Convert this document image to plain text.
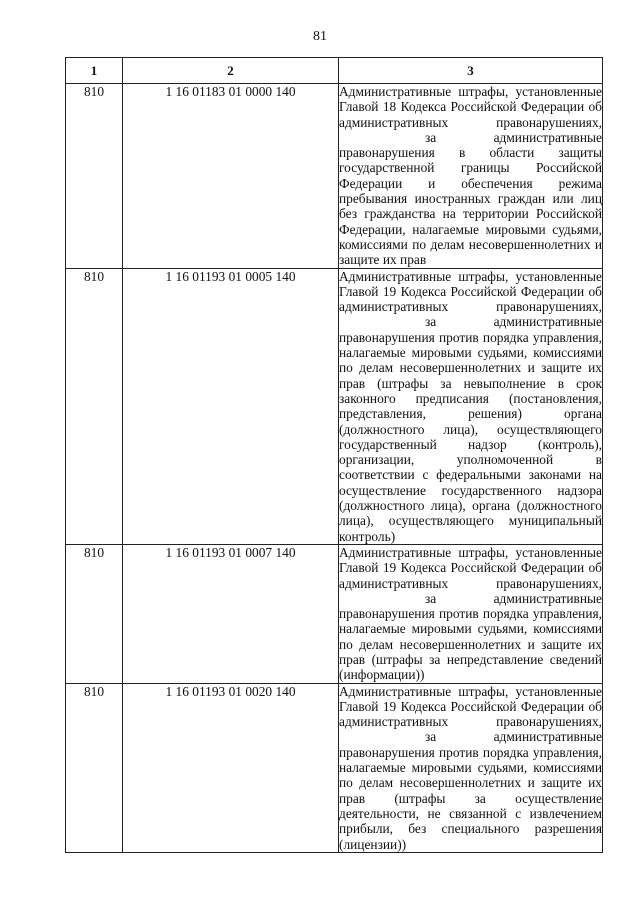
81
1	2	3
810	1 16 01183 01 0000 140	Административные штрафы, установленные Главой 18 Кодекса Российской Федерации об административных правонарушениях,за административные правонарушения в области защиты государственной границы Российской Федерации и обеспечения режима пребывания иностранных граждан или лиц без гражданства на территории Российской Федерации, налагаемые мировыми судьями, комиссиями по делам несовершеннолетних и защите их прав
810	1 16 01193 01 0005 140	Административные штрафы, установленные Главой 19 Кодекса Российской Федерации об административных правонарушениях,за административные правонарушения против порядка управления, налагаемые мировыми судьями, комиссиями по делам несовершеннолетних и защите их прав (штрафы за невыполнение в срок законного предписания (постановления, представления, решения) органа (должностного лица), осуществляющего государственный надзор (контроль), организации, уполномоченной в соответствии с федеральными законами на осуществление государственного надзора (должностного лица), органа (должностного лица), осуществляющего муниципальный контроль)
810	1 16 01193 01 0007 140	Административные штрафы, установленные Главой 19 Кодекса Российской Федерации об административных правонарушениях,за административные правонарушения против порядка управления, налагаемые мировыми судьями, комиссиями по делам несовершеннолетних и защите их прав (штрафы за непредставление сведений (информации))
810	1 16 01193 01 0020 140	Административные штрафы, установленные Главой 19 Кодекса Российской Федерации об административных правонарушениях,за административные правонарушения против порядка управления, налагаемые мировыми судьями, комиссиями по делам несовершеннолетних и защите их прав (штрафы за осуществление деятельности, не связанной с извлечением прибыли, без специального разрешения (лицензии))
